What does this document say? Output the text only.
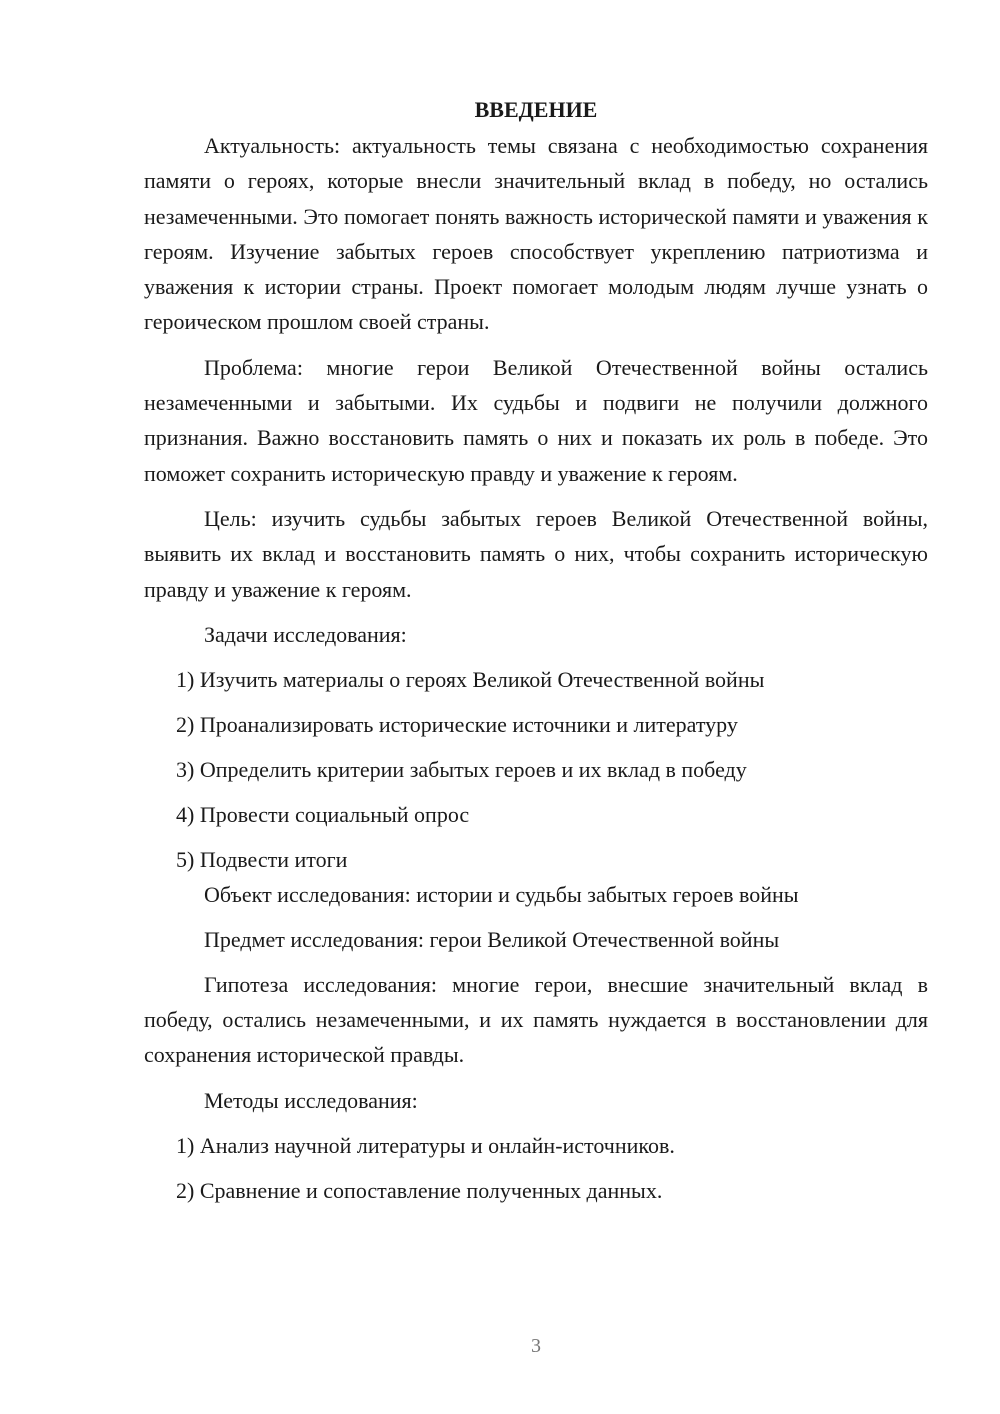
ВВЕДЕНИЕ

Актуальность: актуальность темы связана с необходимостью сохранения памяти о героях, которые внесли значительный вклад в победу, но остались незамеченными. Это помогает понять важность исторической памяти и уважения к героям. Изучение забытых героев способствует укреплению патриотизма и уважения к истории страны. Проект помогает молодым людям лучше узнать о героическом прошлом своей страны.

Проблема: многие герои Великой Отечественной войны остались незамеченными и забытыми. Их судьбы и подвиги не получили должного признания. Важно восстановить память о них и показать их роль в победе. Это поможет сохранить историческую правду и уважение к героям.

Цель: изучить судьбы забытых героев Великой Отечественной войны, выявить их вклад и восстановить память о них, чтобы сохранить историческую правду и уважение к героям.

Задачи исследования:

1) Изучить материалы о героях Великой Отечественной войны

2) Проанализировать исторические источники и литературу

3) Определить критерии забытых героев и их вклад в победу

4) Провести социальный опрос

5) Подвести итоги

Объект исследования: истории и судьбы забытых героев войны

Предмет исследования: герои Великой Отечественной войны

Гипотеза исследования: многие герои, внесшие значительный вклад в победу, остались незамеченными, и их память нуждается в восстановлении для сохранения исторической правды.

Методы исследования:

1) Анализ научной литературы и онлайн-источников.

2) Сравнение и сопоставление полученных данных.

3
